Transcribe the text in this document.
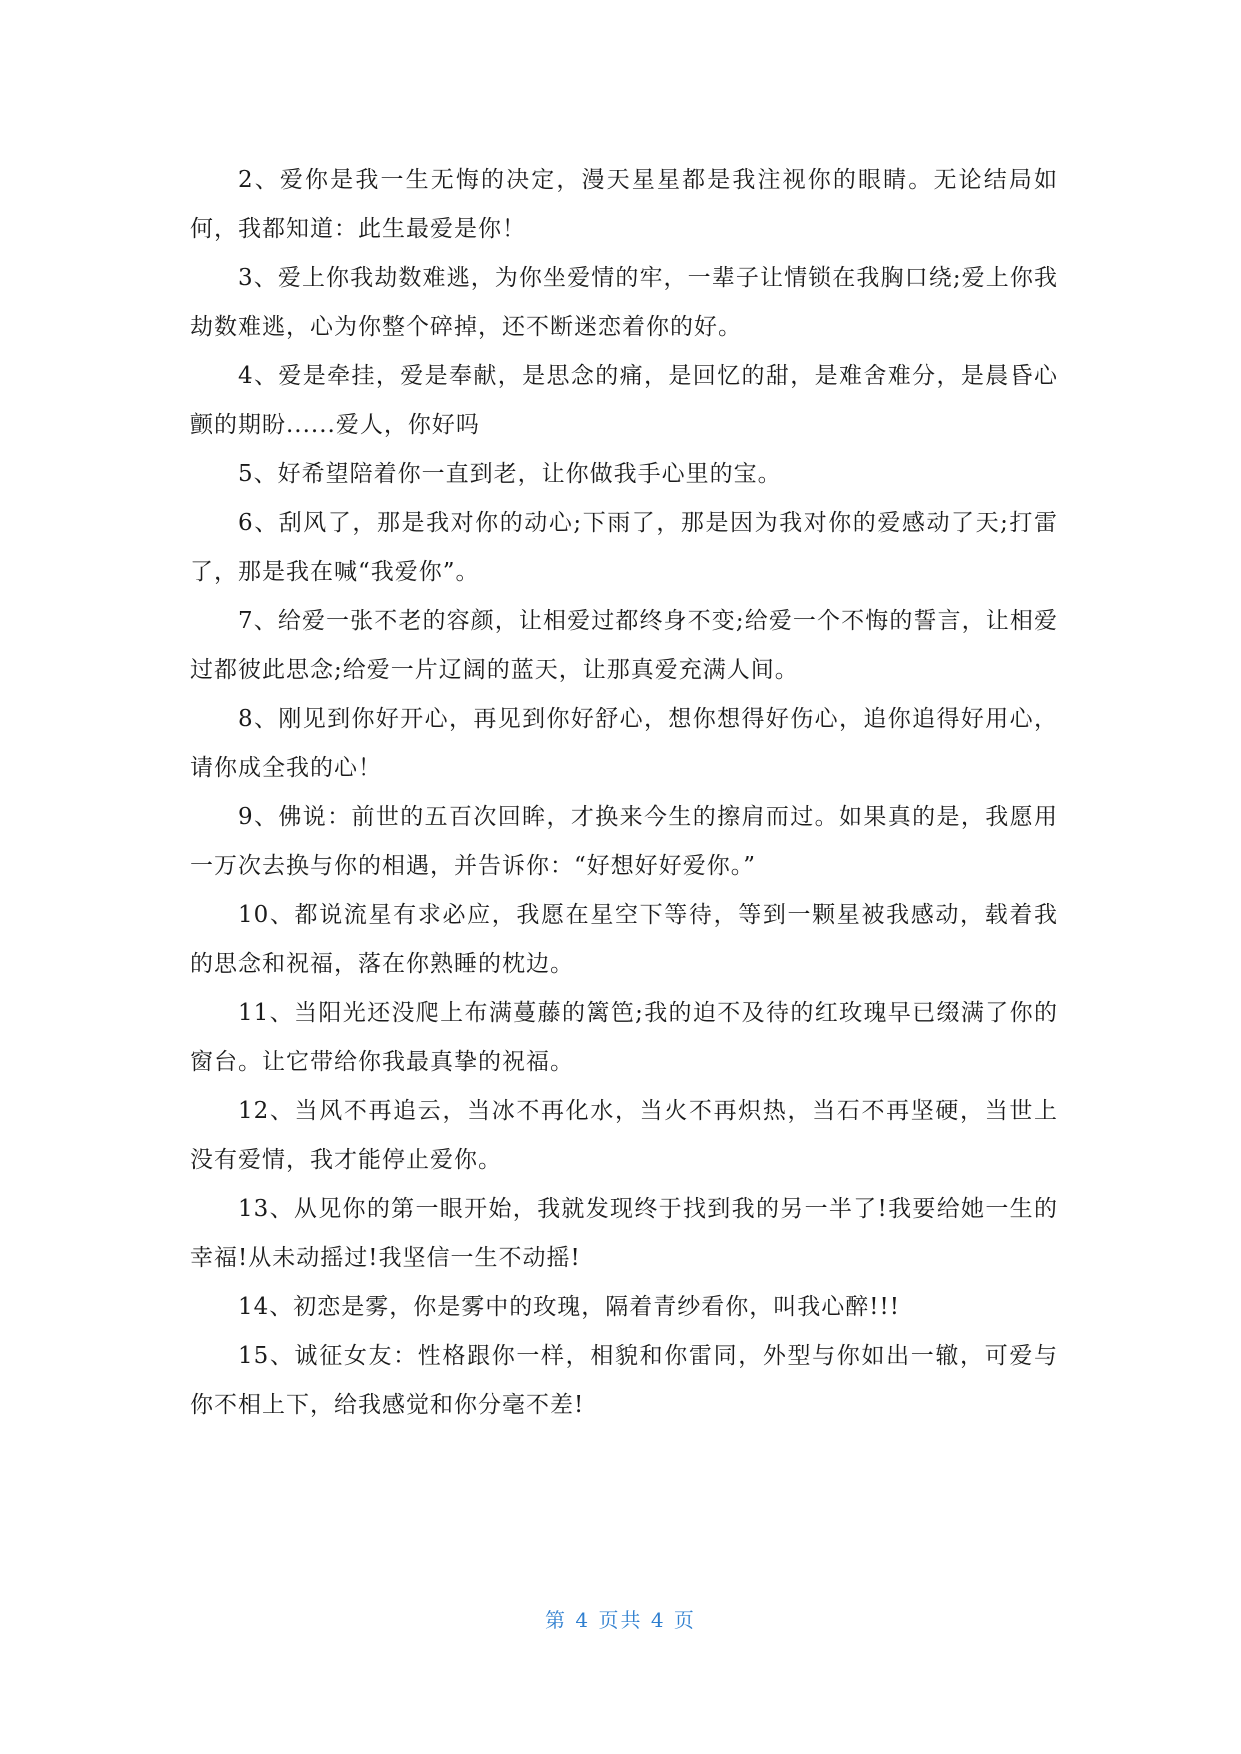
2、爱你是我一生无悔的决定，漫天星星都是我注视你的眼睛。无论结局如何，我都知道：此生最爱是你！

3、爱上你我劫数难逃，为你坐爱情的牢，一辈子让情锁在我胸口绕;爱上你我劫数难逃，心为你整个碎掉，还不断迷恋着你的好。

4、爱是牵挂，爱是奉献，是思念的痛，是回忆的甜，是难舍难分，是晨昏心颤的期盼......爱人，你好吗

5、好希望陪着你一直到老，让你做我手心里的宝。

6、刮风了，那是我对你的动心;下雨了，那是因为我对你的爱感动了天;打雷了，那是我在喊“我爱你”。

7、给爱一张不老的容颜，让相爱过都终身不变;给爱一个不悔的誓言，让相爱过都彼此思念;给爱一片辽阔的蓝天，让那真爱充满人间。

8、刚见到你好开心，再见到你好舒心，想你想得好伤心，追你追得好用心，请你成全我的心！

9、佛说：前世的五百次回眸，才换来今生的擦肩而过。如果真的是，我愿用一万次去换与你的相遇，并告诉你：“好想好好爱你。”

10、都说流星有求必应，我愿在星空下等待，等到一颗星被我感动，载着我的思念和祝福，落在你熟睡的枕边。

11、当阳光还没爬上布满蔓藤的篱笆;我的迫不及待的红玫瑰早已缀满了你的窗台。让它带给你我最真挚的祝福。

12、当风不再追云，当冰不再化水，当火不再炽热，当石不再坚硬，当世上没有爱情，我才能停止爱你。

13、从见你的第一眼开始，我就发现终于找到我的另一半了!我要给她一生的幸福!从未动摇过!我坚信一生不动摇!

14、初恋是雾，你是雾中的玫瑰，隔着青纱看你，叫我心醉!!!

15、诚征女友：性格跟你一样，相貌和你雷同，外型与你如出一辙，可爱与你不相上下，给我感觉和你分毫不差!

第 4 页共 4 页
